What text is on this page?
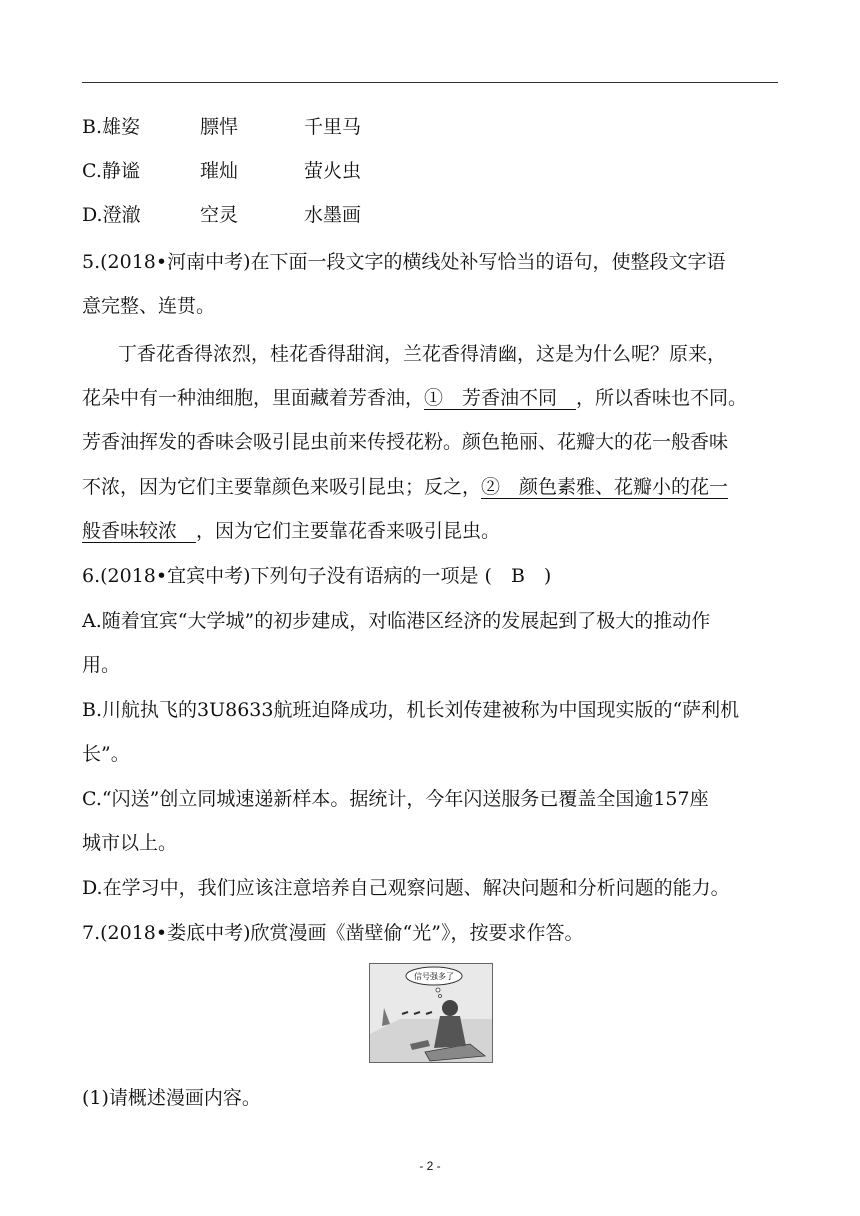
B.雄姿	膘悍	千里马
C.静谧	璀灿	萤火虫
D.澄澈	空灵	水墨画
5.(2018•河南中考)在下面一段文字的横线处补写恰当的语句，使整段文字语
意完整、连贯。
丁香花香得浓烈，桂花香得甜润，兰花香得清幽，这是为什么呢？原来，
花朵中有一种油细胞，里面藏着芳香油，①　芳香油不同　，所以香味也不同。
芳香油挥发的香味会吸引昆虫前来传授花粉。颜色艳丽、花瓣大的花一般香味
不浓，因为它们主要靠颜色来吸引昆虫；反之，②　颜色素雅、花瓣小的花一
般香味较浓　，因为它们主要靠花香来吸引昆虫。
6.(2018•宜宾中考)下列句子没有语病的一项是 (　B　)
A.随着宜宾“大学城”的初步建成，对临港区经济的发展起到了极大的推动作
用。
B.川航执飞的3U8633航班迫降成功，机长刘传建被称为中国现实版的“萨利机
长”。
C.“闪送”创立同城速递新样本。据统计，今年闪送服务已覆盖全国逾157座
城市以上。
D.在学习中，我们应该注意培养自己观察问题、解决问题和分析问题的能力。
7.(2018•娄底中考)欣赏漫画《凿壁偷“光”》，按要求作答。
信号强多了
(1)请概述漫画内容。
- 2 -
